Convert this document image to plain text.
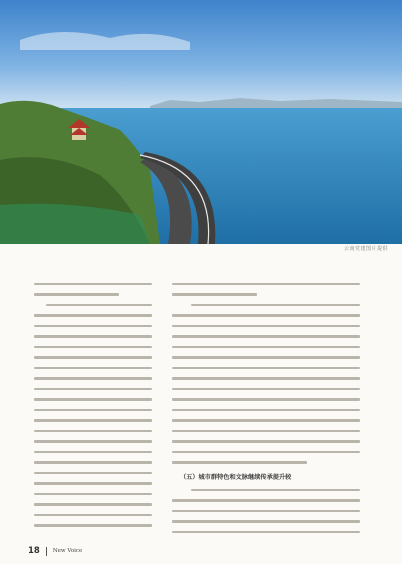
云南党建图片提供
（五）城市群特色和文脉继续传承提升较
18 New Voice
